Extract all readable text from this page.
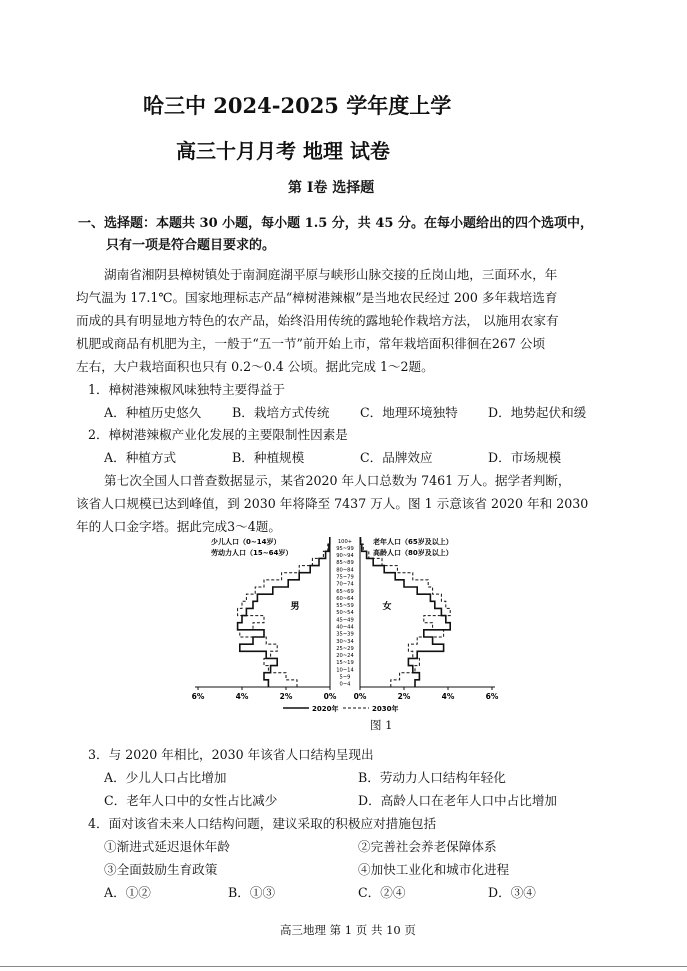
哈三中 2024-2025 学年度上学
高三十月月考 地理 试卷
第 Ⅰ卷 选择题
一、选择题：本题共 30 小题，每小题 1.5 分，共 45 分。在每小题给出的四个选项中，
只有一项是符合题目要求的。
湖南省湘阴县樟树镇处于南洞庭湖平原与峡形山脉交接的丘岗山地，三面环水，年
均气温为 17.1℃。国家地理标志产品“樟树港辣椒”是当地农民经过 200 多年栽培选育
而成的具有明显地方特色的农产品，始终沿用传统的露地轮作栽培方法， 以施用农家有
机肥或商品有机肥为主，一般于“五一节”前开始上市，常年栽培面积徘徊在267 公顷
左右，大户栽培面积也只有 0.2～0.4 公顷。据此完成 1～2题。
1．樟树港辣椒风味独特主要得益于
A．种植历史悠久 B．栽培方式传统 C．地理环境独特 D．地势起伏和缓
2．樟树港辣椒产业化发展的主要限制性因素是
A．种植方式	B．种植规模	C．品牌效应	D．市场规模
第七次全国人口普查数据显示，某省2020 年人口总数为 7461 万人。据学者判断，
该省人口规模已达到峰值，到 2030 年将降至 7437 万人。图 1 示意该省 2020 年和 2030
年的人口金字塔。据此完成3～4题。
0~4
5~9
10~14
15~19
20~24
25~29
30~34
35~39
40~44
45~49
50~54
55~59
60~64
65~69
70~74
75~79
80~84
85~89
90~94
95~99
100+
6%	4%	2%	0% 0%	2%	4%	6%
少儿人口（0~14岁）
劳动力人口（15~64岁）
老年人口（65岁及以上）
高龄人口（80岁及以上）
男	女
2020年	2030年
图 1
3．与 2020 年相比，2030 年该省人口结构呈现出
A．少儿人口占比增加	B．劳动力人口结构年轻化
C．老年人口中的女性占比减少	D．高龄人口在老年人口中占比增加
4．面对该省未来人口结构问题，建议采取的积极应对措施包括
①渐进式延迟退休年龄	②完善社会养老保障体系
③全面鼓励生育政策	④加快工业化和城市化进程
A．①②	B．①③	C．②④	D．③④
高三地理 第 1 页 共 10 页
